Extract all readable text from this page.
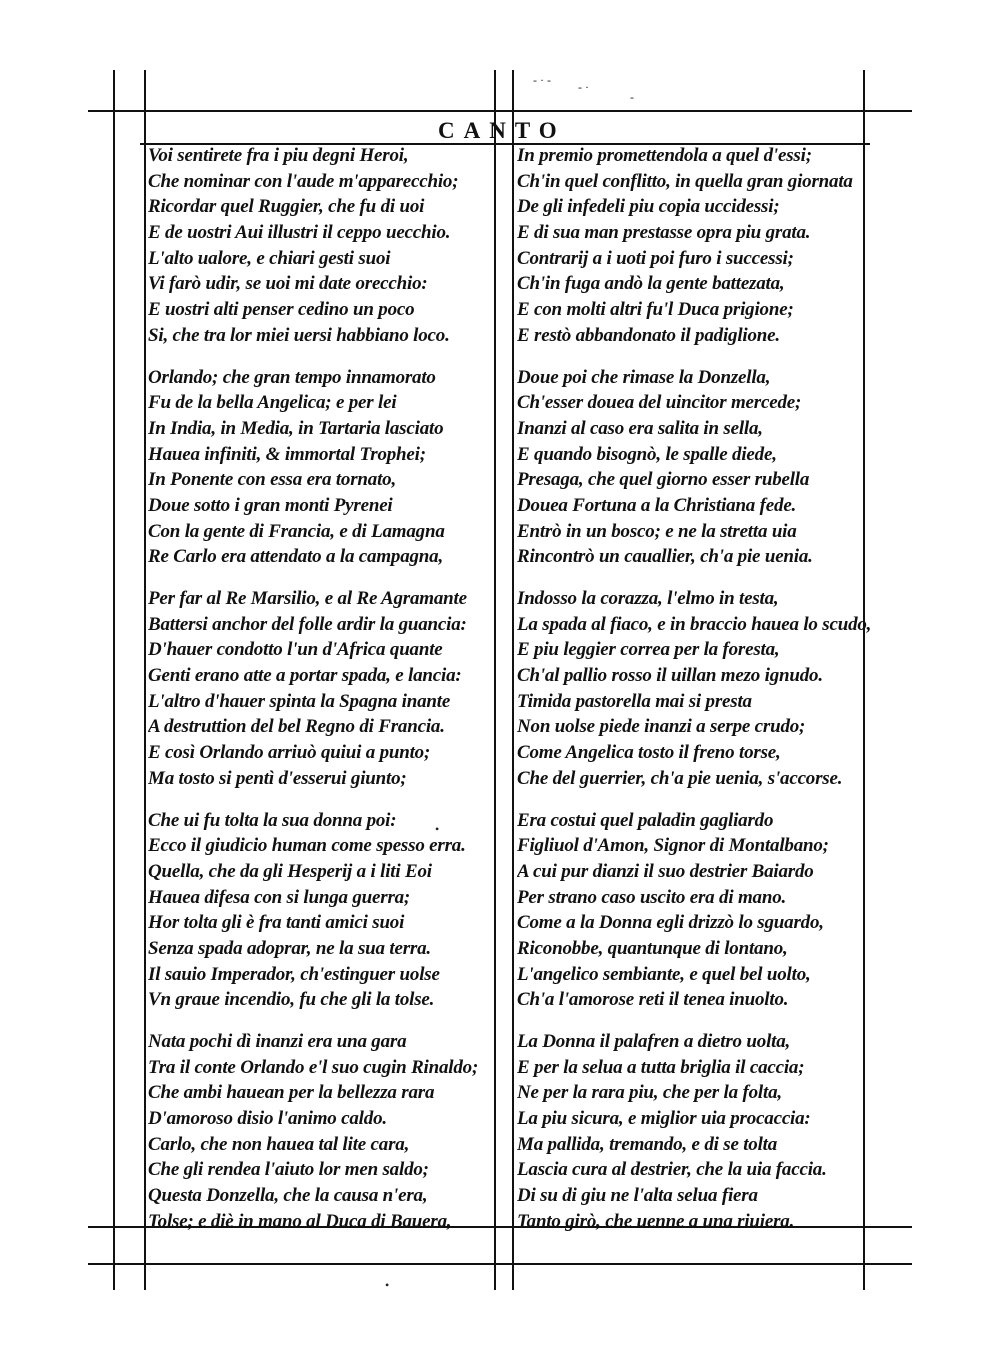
- · - - ·
-
•
•
CANTO
Voi sentirete fra i piu degni Heroi,
Che nominar con l'aude m'apparecchio;
Ricordar quel Ruggier, che fu di uoi
E de uostri Aui illustri il ceppo uecchio.
L'alto ualore, e chiari gesti suoi
Vi farò udir, se uoi mi date orecchio:
E uostri alti penser cedino un poco
Si, che tra lor miei uersi habbiano loco.
Orlando; che gran tempo innamorato
Fu de la bella Angelica; e per lei
In India, in Media, in Tartaria lasciato
Hauea infiniti, & immortal Trophei;
In Ponente con essa era tornato,
Doue sotto i gran monti Pyrenei
Con la gente di Francia, e di Lamagna
Re Carlo era attendato a la campagna,
Per far al Re Marsilio, e al Re Agramante
Battersi anchor del folle ardir la guancia:
D'hauer condotto l'un d'Africa quante
Genti erano atte a portar spada, e lancia:
L'altro d'hauer spinta la Spagna inante
A destruttion del bel Regno di Francia.
E così Orlando arriuò quiui a punto;
Ma tosto si pentì d'esserui giunto;
Che ui fu tolta la sua donna poi:
Ecco il giudicio human come spesso erra.
Quella, che da gli Hesperij a i liti Eoi
Hauea difesa con si lunga guerra;
Hor tolta gli è fra tanti amici suoi
Senza spada adoprar, ne la sua terra.
Il sauio Imperador, ch'estinguer uolse
Vn graue incendio, fu che gli la tolse.
Nata pochi dì inanzi era una gara
Tra il conte Orlando e'l suo cugin Rinaldo;
Che ambi hauean per la bellezza rara
D'amoroso disio l'animo caldo.
Carlo, che non hauea tal lite cara,
Che gli rendea l'aiuto lor men saldo;
Questa Donzella, che la causa n'era,
Tolse; e diè in mano al Duca di Bauera,
In premio promettendola a quel d'essi;
Ch'in quel conflitto, in quella gran giornata
De gli infedeli piu copia uccidessi;
E di sua man prestasse opra piu grata.
Contrarij a i uoti poi furo i successi;
Ch'in fuga andò la gente battezata,
E con molti altri fu'l Duca prigione;
E restò abbandonato il padiglione.
Doue poi che rimase la Donzella,
Ch'esser douea del uincitor mercede;
Inanzi al caso era salita in sella,
E quando bisognò, le spalle diede,
Presaga, che quel giorno esser rubella
Douea Fortuna a la Christiana fede.
Entrò in un bosco; e ne la stretta uia
Rincontrò un cauallier, ch'a pie uenia.
Indosso la corazza, l'elmo in testa,
La spada al fiaco, e in braccio hauea lo scudo,
E piu leggier correa per la foresta,
Ch'al pallio rosso il uillan mezo ignudo.
Timida pastorella mai si presta
Non uolse piede inanzi a serpe crudo;
Come Angelica tosto il freno torse,
Che del guerrier, ch'a pie uenia, s'accorse.
Era costui quel paladin gagliardo
Figliuol d'Amon, Signor di Montalbano;
A cui pur dianzi il suo destrier Baiardo
Per strano caso uscito era di mano.
Come a la Donna egli drizzò lo sguardo,
Riconobbe, quantunque di lontano,
L'angelico sembiante, e quel bel uolto,
Ch'a l'amorose reti il tenea inuolto.
La Donna il palafren a dietro uolta,
E per la selua a tutta briglia il caccia;
Ne per la rara piu, che per la folta,
La piu sicura, e miglior uia procaccia:
Ma pallida, tremando, e di se tolta
Lascia cura al destrier, che la uia faccia.
Di su di giu ne l'alta selua fiera
Tanto girò, che uenne a una riuiera.
